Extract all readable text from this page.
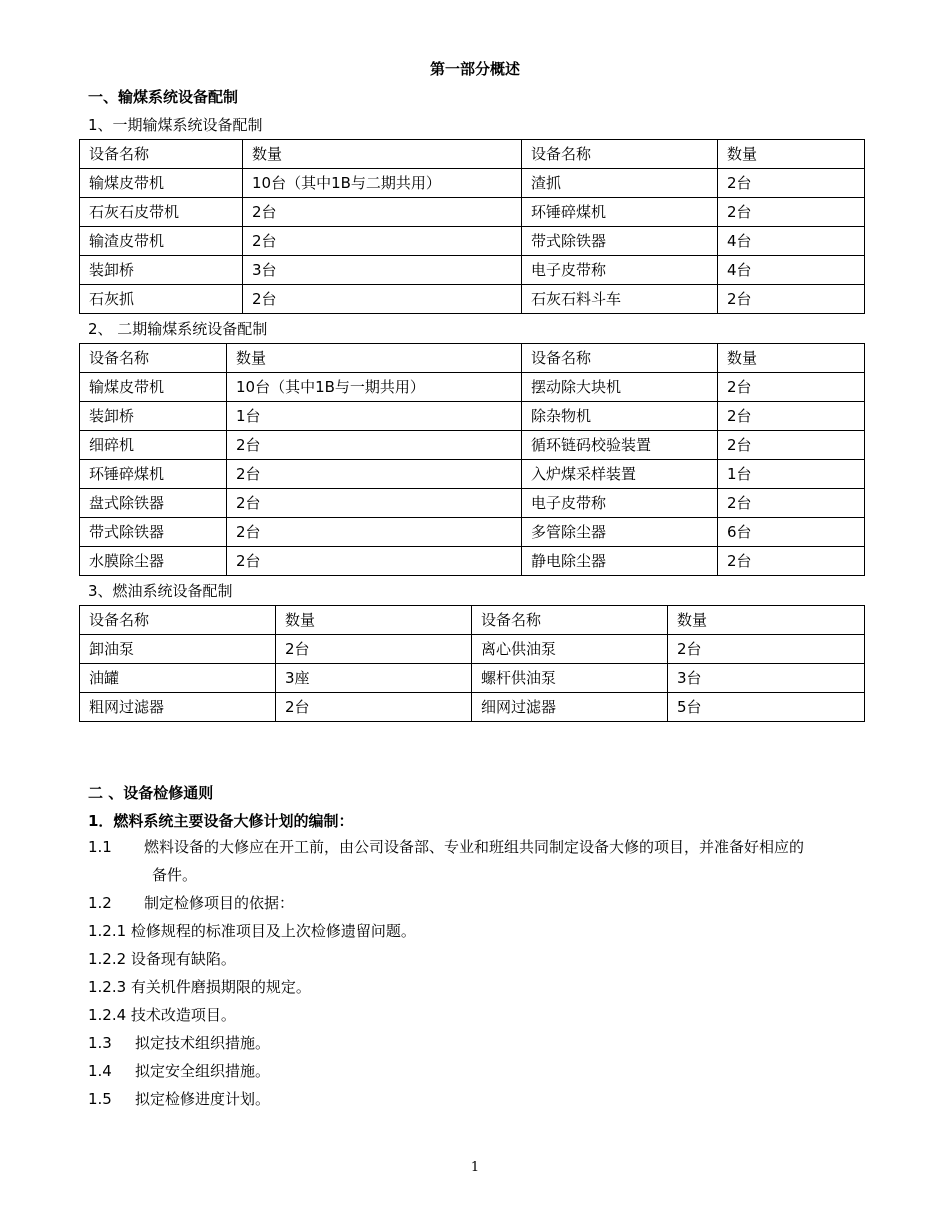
第一部分概述
一、输煤系统设备配制
1、一期输煤系统设备配制
设备名称	数量	设备名称	数量
输煤皮带机	10台（其中1B与二期共用）	渣抓	2台
石灰石皮带机	2台	环锤碎煤机	2台
输渣皮带机	2台	带式除铁器	4台
装卸桥	3台	电子皮带称	4台
石灰抓	2台	石灰石料斗车	2台
2、 二期输煤系统设备配制
设备名称	数量	设备名称	数量
输煤皮带机	10台（其中1B与一期共用）	摆动除大块机	2台
装卸桥	1台	除杂物机	2台
细碎机	2台	循环链码校验装置	2台
环锤碎煤机	2台	入炉煤采样装置	1台
盘式除铁器	2台	电子皮带称	2台
带式除铁器	2台	多管除尘器	6台
水膜除尘器	2台	静电除尘器	2台
3、燃油系统设备配制
设备名称	数量	设备名称	数量
卸油泵	2台	离心供油泵	2台
油罐	3座	螺杆供油泵	3台
粗网过滤器	2台	细网过滤器	5台
二 、设备检修通则
1．燃料系统主要设备大修计划的编制：
1.1 燃料设备的大修应在开工前，由公司设备部、专业和班组共同制定设备大修的项目，并准备好相应的
备件。
1.2 制定检修项目的依据：
1.2.1 检修规程的标准项目及上次检修遗留问题。
1.2.2 设备现有缺陷。
1.2.3 有关机件磨损期限的规定。
1.2.4 技术改造项目。
1.3 拟定技术组织措施。
1.4 拟定安全组织措施。
1.5 拟定检修进度计划。
1
